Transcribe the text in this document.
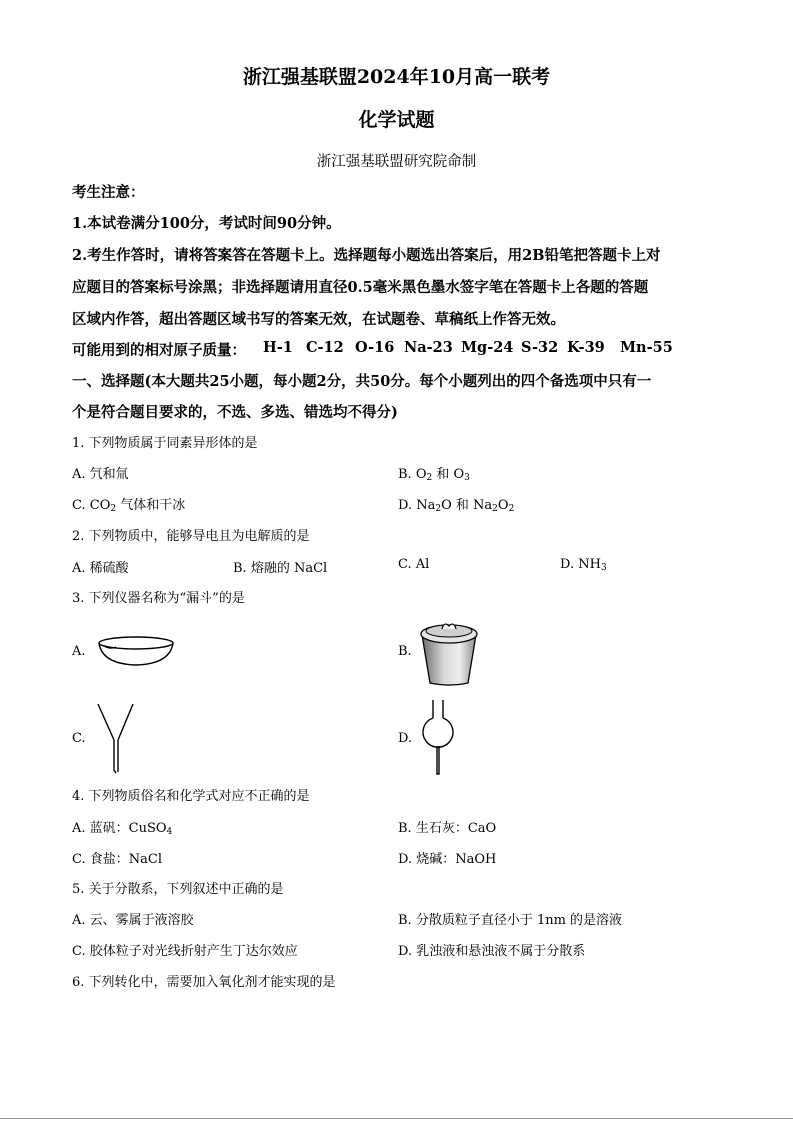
浙江强基联盟2024年10月高一联考
化学试题
浙江强基联盟研究院命制
考生注意：
1.本试卷满分100分，考试时间90分钟。
2.考生作答时，请将答案答在答题卡上。选择题每小题选出答案后，用2B铅笔把答题卡上对
应题目的答案标号涂黑；非选择题请用直径0.5毫米黑色墨水签字笔在答题卡上各题的答题
区域内作答，超出答题区域书写的答案无效，在试题卷、草稿纸上作答无效。
可能用到的相对原子质量： H-1 C-12 O-16 Na-23 Mg-24 S-32 K-39 Mn-55
一、选择题(本大题共25小题，每小题2分，共50分。每个小题列出的四个备选项中只有一
个是符合题目要求的，不选、多选、错选均不得分)
1. 下列物质属于同素异形体的是
A. 氕和氚	B. $O_2$ 和 $O_3$
C. $CO_2$ 气体和干冰	D. $Na_2O$ 和 $Na_2O_2$
2. 下列物质中，能够导电且为电解质的是
A. 稀硫酸	B. 熔融的 NaCl	C. Al	D. $NH_3$
3. 下列仪器名称为“漏斗”的是
A.	B.
C.	D.
4. 下列物质俗名和化学式对应不正确的是
A. 蓝矾：CuSO$_4$	B. 生石灰：CaO
C. 食盐：NaCl	D. 烧碱：NaOH
5. 关于分散系，下列叙述中正确的是
A. 云、雾属于液溶胶	B. 分散质粒子直径小于 1nm 的是溶液
C. 胶体粒子对光线折射产生丁达尔效应	D. 乳浊液和悬浊液不属于分散系
6. 下列转化中，需要加入氧化剂才能实现的是
